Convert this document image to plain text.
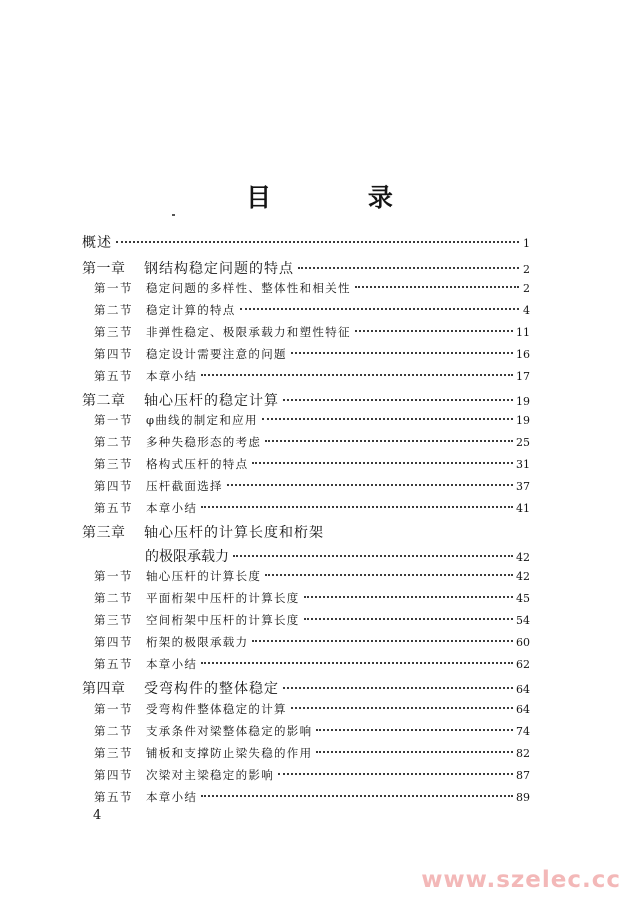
目 录
概述	1
第一章	钢结构稳定问题的特点	2
第一节	稳定问题的多样性、整体性和相关性	2
第二节	稳定计算的特点	4
第三节	非弹性稳定、极限承载力和塑性特征	11
第四节	稳定设计需要注意的问题	16
第五节	本章小结	17
第二章	轴心压杆的稳定计算	19
第一节	φ曲线的制定和应用	19
第二节	多种失稳形态的考虑	25
第三节	格构式压杆的特点	31
第四节	压杆截面选择	37
第五节	本章小结	41
第三章	轴心压杆的计算长度和桁架
的极限承载力	42
第一节	轴心压杆的计算长度	42
第二节	平面桁架中压杆的计算长度	45
第三节	空间桁架中压杆的计算长度	54
第四节	桁架的极限承载力	60
第五节	本章小结	62
第四章	受弯构件的整体稳定	64
第一节	受弯构件整体稳定的计算	64
第二节	支承条件对梁整体稳定的影响	74
第三节	铺板和支撑防止梁失稳的作用	82
第四节	次梁对主梁稳定的影响	87
第五节	本章小结	89
4
www.szelec.cc
